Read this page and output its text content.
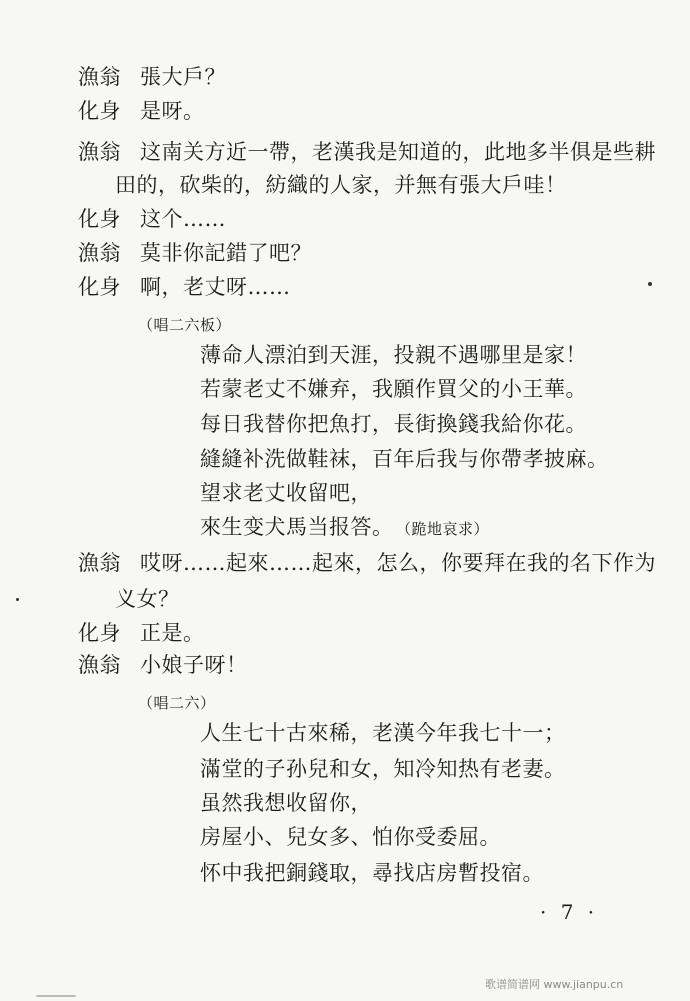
漁翁 張大戶？
化身 是呀。
漁翁 这南关方近一帶，老漢我是知道的，此地多半俱是些耕
田的，砍柴的，紡織的人家，并無有張大戶哇！
化身 这个……
漁翁 莫非你記錯了吧？
化身 啊，老丈呀……
（唱二六板）
薄命人漂泊到天涯，投親不遇哪里是家！
若蒙老丈不嫌弃，我願作買父的小王華。
每日我替你把魚打，長街換錢我給你花。
縫縫补洗做鞋袜，百年后我与你帶孝披麻。
望求老丈收留吧，
來生变犬馬当报答。 （跪地哀求）
漁翁 哎呀……起來……起來，怎么，你要拜在我的名下作为
义女？
化身 正是。
漁翁 小娘子呀！
（唱二六）
人生七十古來稀，老漢今年我七十一；
滿堂的子孙兒和女，知冷知热有老妻。
虽然我想收留你，
房屋小、兒女多、怕你受委屈。
怀中我把銅錢取，尋找店房暫投宿。
· 7 ·
歌谱简谱网 www.jianpu.cn
